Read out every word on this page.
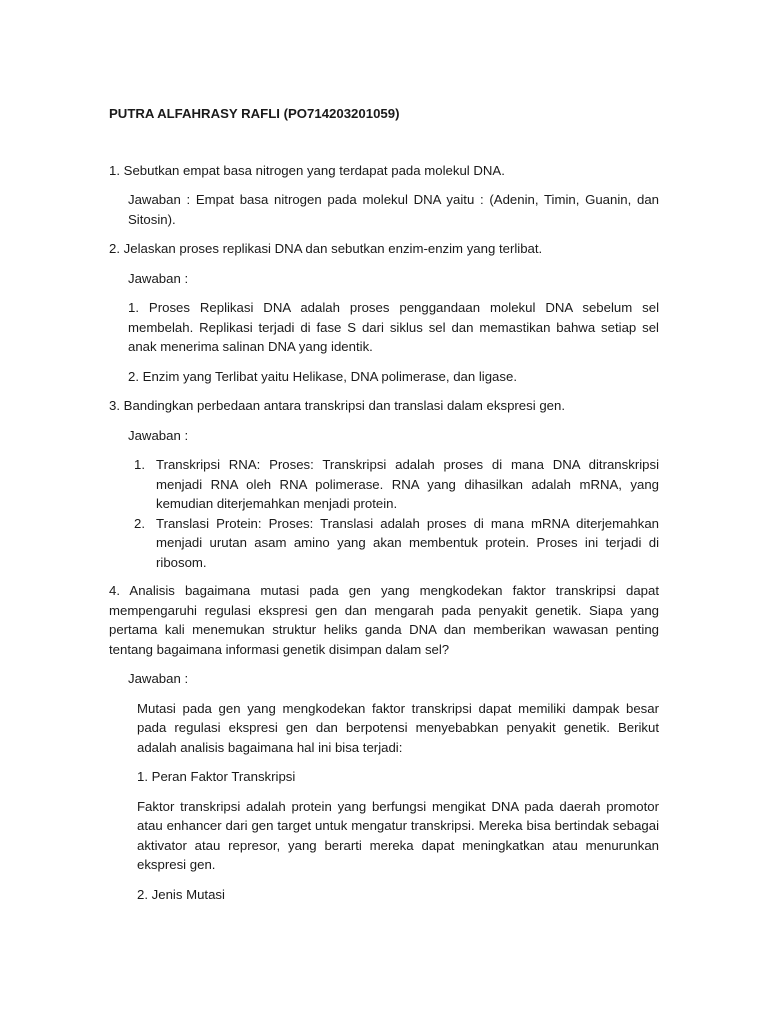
PUTRA ALFAHRASY RAFLI (PO714203201059)

1. Sebutkan empat basa nitrogen yang terdapat pada molekul DNA.

Jawaban : Empat basa nitrogen pada molekul DNA yaitu : (Adenin, Timin, Guanin, dan Sitosin).

2. Jelaskan proses replikasi DNA dan sebutkan enzim-enzim yang terlibat.

Jawaban :

1. Proses Replikasi DNA adalah proses penggandaan molekul DNA sebelum sel membelah. Replikasi terjadi di fase S dari siklus sel dan memastikan bahwa setiap sel anak menerima salinan DNA yang identik.

2. Enzim yang Terlibat yaitu Helikase, DNA polimerase, dan ligase.

3. Bandingkan perbedaan antara transkripsi dan translasi dalam ekspresi gen.

Jawaban :

1. Transkripsi RNA: Proses: Transkripsi adalah proses di mana DNA ditranskripsi menjadi RNA oleh RNA polimerase. RNA yang dihasilkan adalah mRNA, yang kemudian diterjemahkan menjadi protein.
2. Translasi Protein: Proses: Translasi adalah proses di mana mRNA diterjemahkan menjadi urutan asam amino yang akan membentuk protein. Proses ini terjadi di ribosom.

4. Analisis bagaimana mutasi pada gen yang mengkodekan faktor transkripsi dapat mempengaruhi regulasi ekspresi gen dan mengarah pada penyakit genetik. Siapa yang pertama kali menemukan struktur heliks ganda DNA dan memberikan wawasan penting tentang bagaimana informasi genetik disimpan dalam sel?

Jawaban :

Mutasi pada gen yang mengkodekan faktor transkripsi dapat memiliki dampak besar pada regulasi ekspresi gen dan berpotensi menyebabkan penyakit genetik. Berikut adalah analisis bagaimana hal ini bisa terjadi:

1. Peran Faktor Transkripsi

Faktor transkripsi adalah protein yang berfungsi mengikat DNA pada daerah promotor atau enhancer dari gen target untuk mengatur transkripsi. Mereka bisa bertindak sebagai aktivator atau represor, yang berarti mereka dapat meningkatkan atau menurunkan ekspresi gen.

2. Jenis Mutasi
